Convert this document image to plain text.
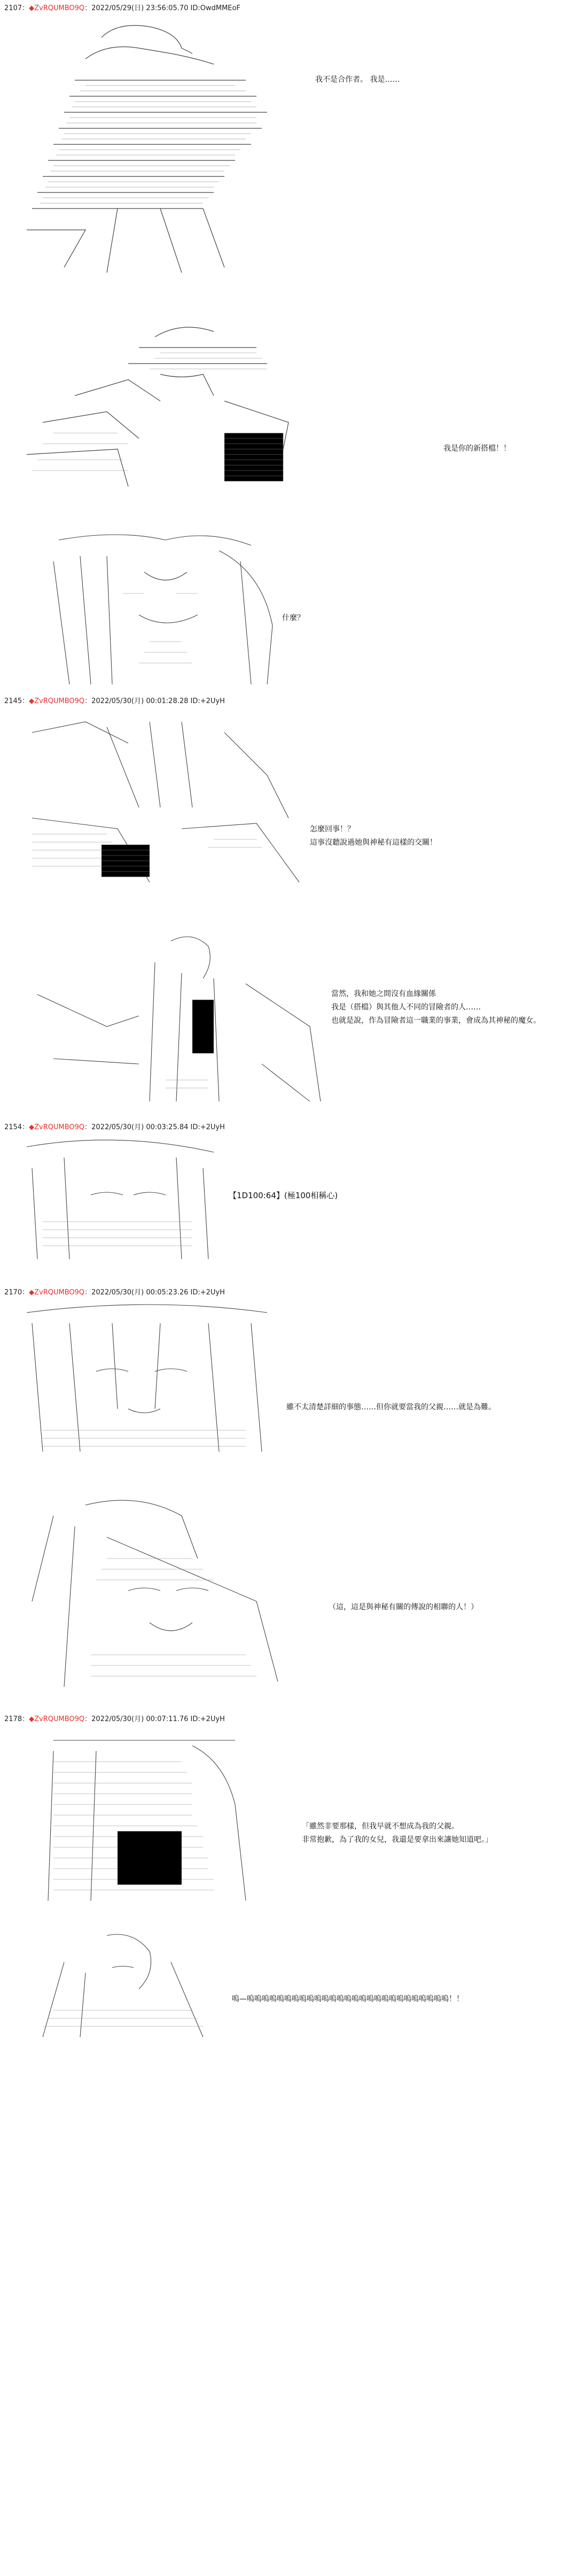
2107：◆ZvRQUMBO9Q：2022/05/29(日) 23:56:05.70 ID:OwdMMEoF
我不是合作者。 我是……
我是你的新搭檔！！
什麼？
2145：◆ZvRQUMBO9Q：2022/05/30(月) 00:01:28.28 ID:+2UyH
怎麼回事！？
這事沒聽說過她與神秘有這樣的交關！
當然，我和她之間沒有血緣關係
我是（搭檔）與其他人不同的冒險者的人……
也就是說，作為冒險者這一職業的事業，會成為其神秘的魔女。
2154：◆ZvRQUMBO9Q：2022/05/30(月) 00:03:25.84 ID:+2UyH
【1D100:64】(極100相稱心)
2170：◆ZvRQUMBO9Q：2022/05/30(月) 00:05:23.26 ID:+2UyH
雖不太清楚詳細的事態……但你就要當我的父親……就是為難。
（這，這是與神秘有關的傳說的相聯的人！）
2178：◆ZvRQUMBO9Q：2022/05/30(月) 00:07:11.76 ID:+2UyH
「雖然非要那樣，但我早就不想成為我的父親。
非常抱歉，為了我的女兒，我還是要拿出來讓她知道吧。」
嗚—嗚嗚嗚嗚嗚嗚嗚嗚嗚嗚嗚嗚嗚嗚嗚嗚嗚嗚嗚嗚嗚嗚嗚嗚嗚嗚嗚！！
